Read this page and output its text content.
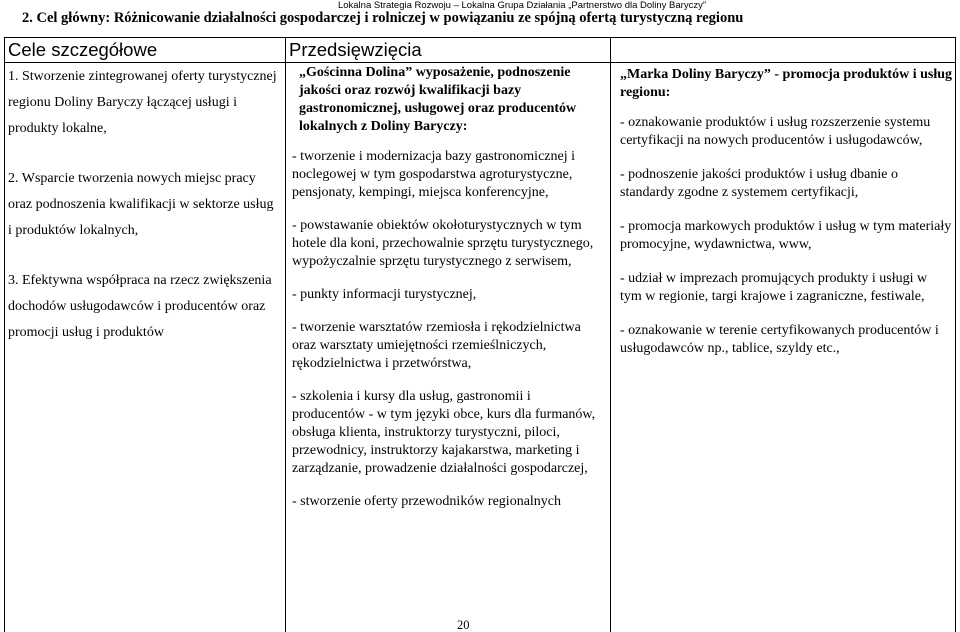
Lokalna Strategia Rozwoju – Lokalna Grupa Działania „Partnerstwo dla Doliny Baryczy”
2. Cel główny: Różnicowanie działalności gospodarczej i rolniczej w powiązaniu ze spójną ofertą turystyczną regionu
Cele szczegółowe	Przedsięwzięcia

1. Stworzenie zintegrowanej oferty turystycznej regionu Doliny Baryczy łączącej usługi i produkty lokalne,

2. Wsparcie tworzenia nowych miejsc pracy oraz podnoszenia kwalifikacji w sektorze usług i produktów lokalnych,

3. Efektywna współpraca na rzecz zwiększenia dochodów usługodawców i producentów oraz promocji usług i produktów

„Gościnna Dolina” wyposażenie, podnoszenie jakości oraz rozwój kwalifikacji bazy gastronomicznej, usługowej oraz producentów lokalnych z Doliny Baryczy:

- tworzenie i modernizacja bazy gastronomicznej i noclegowej w tym gospodarstwa agroturystyczne, pensjonaty, kempingi, miejsca konferencyjne,

- powstawanie obiektów okołoturystycznych w tym hotele dla koni, przechowalnie sprzętu turystycznego, wypożyczalnie sprzętu turystycznego z serwisem,

- punkty informacji turystycznej,

- tworzenie warsztatów rzemiosła i rękodzielnictwa oraz warsztaty umiejętności rzemieślniczych, rękodzielnictwa i przetwórstwa,

- szkolenia i kursy dla usług, gastronomii i producentów - w tym języki obce, kurs dla furmanów, obsługa klienta, instruktorzy turystyczni, piloci, przewodnicy, instruktorzy kajakarstwa, marketing i zarządzanie, prowadzenie działalności gospodarczej,

- stworzenie oferty przewodników regionalnych

„Marka Doliny Baryczy” - promocja produktów i usług regionu:

- oznakowanie produktów i usług rozszerzenie systemu certyfikacji na nowych producentów i usługodawców,

- podnoszenie jakości produktów i usług dbanie o standardy zgodne z systemem certyfikacji,

- promocja markowych produktów i usług w tym materiały promocyjne, wydawnictwa, www,

- udział w imprezach promujących produkty i usługi w tym w regionie, targi krajowe i zagraniczne, festiwale,

- oznakowanie w terenie certyfikowanych producentów i usługodawców np., tablice, szyldy etc.,

20
